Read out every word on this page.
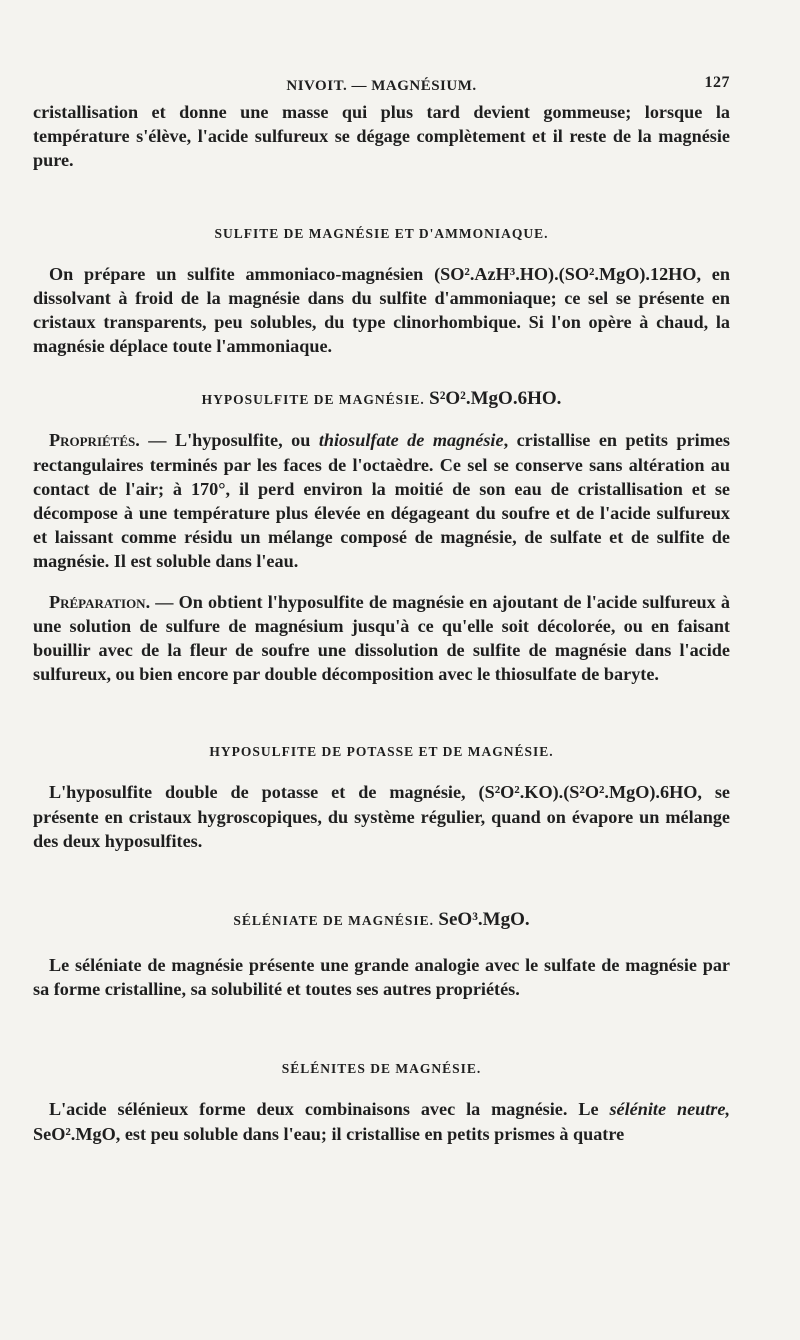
NIVOIT. — MAGNÉSIUM.	127

cristallisation et donne une masse qui plus tard devient gommeuse; lorsque la température s'élève, l'acide sulfureux se dégage complètement et il reste de la magnésie pure.

SULFITE DE MAGNÉSIE ET D'AMMONIAQUE.

On prépare un sulfite ammoniaco-magnésien (SO².AzH³.HO).(SO².MgO).12HO, en dissolvant à froid de la magnésie dans du sulfite d'ammoniaque; ce sel se présente en cristaux transparents, peu solubles, du type clinorhombique. Si l'on opère à chaud, la magnésie déplace toute l'ammoniaque.

HYPOSULFITE DE MAGNÉSIE. S²O².MgO.6HO.

Propriétés. — L'hyposulfite, ou thiosulfate de magnésie, cristallise en petits primes rectangulaires terminés par les faces de l'octaèdre. Ce sel se conserve sans altération au contact de l'air; à 170°, il perd environ la moitié de son eau de cristallisation et se décompose à une température plus élevée en dégageant du soufre et de l'acide sulfureux et laissant comme résidu un mélange composé de magnésie, de sulfate et de sulfite de magnésie. Il est soluble dans l'eau.

Préparation. — On obtient l'hyposulfite de magnésie en ajoutant de l'acide sulfureux à une solution de sulfure de magnésium jusqu'à ce qu'elle soit décolorée, ou en faisant bouillir avec de la fleur de soufre une dissolution de sulfite de magnésie dans l'acide sulfureux, ou bien encore par double décomposition avec le thiosulfate de baryte.

HYPOSULFITE DE POTASSE ET DE MAGNÉSIE.

L'hyposulfite double de potasse et de magnésie, (S²O².KO).(S²O².MgO).6HO, se présente en cristaux hygroscopiques, du système régulier, quand on évapore un mélange des deux hyposulfites.

SÉLÉNIATE DE MAGNÉSIE. SeO³.MgO.

Le séléniate de magnésie présente une grande analogie avec le sulfate de magnésie par sa forme cristalline, sa solubilité et toutes ses autres propriétés.

SÉLÉNITES DE MAGNÉSIE.

L'acide sélénieux forme deux combinaisons avec la magnésie. Le sélénite neutre, SeO².MgO, est peu soluble dans l'eau; il cristallise en petits prismes à quatre
